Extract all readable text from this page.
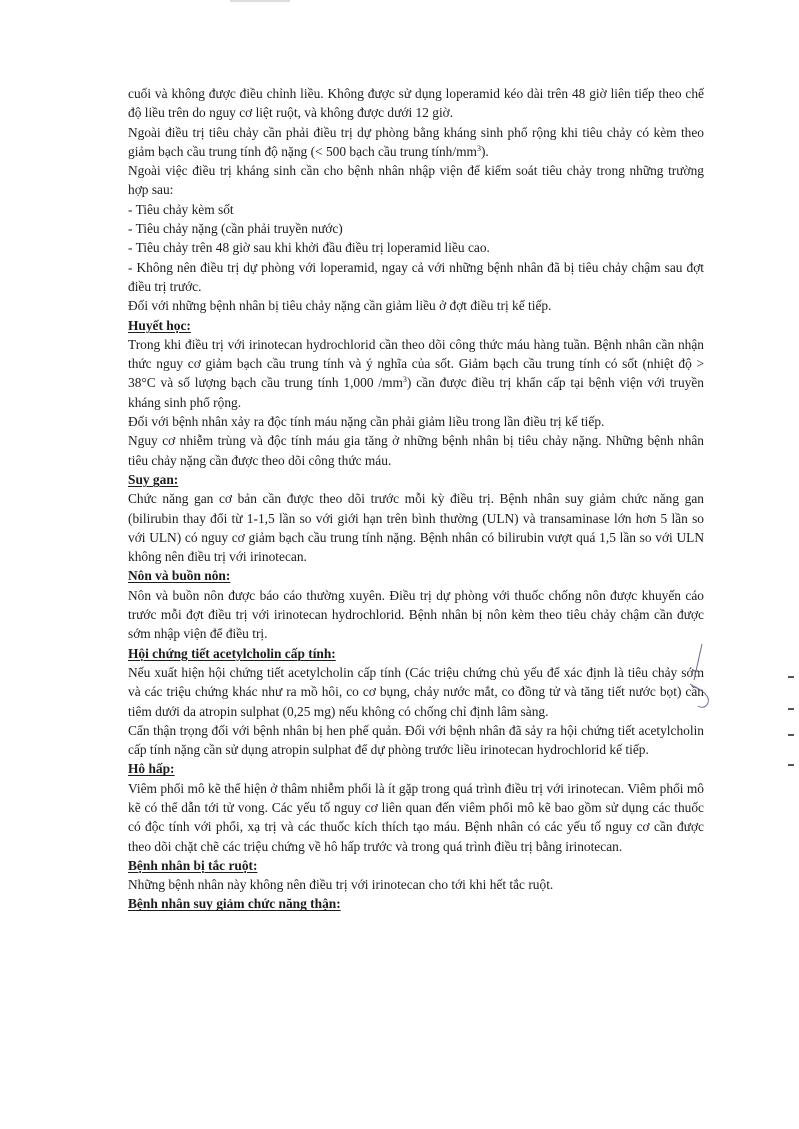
cuối và không được điều chỉnh liều. Không được sử dụng loperamid kéo dài trên 48 giờ liên tiếp theo chế độ liều trên do nguy cơ liệt ruột, và không được dưới 12 giờ.

Ngoài điều trị tiêu chảy cần phải điều trị dự phòng bằng kháng sinh phổ rộng khi tiêu chảy có kèm theo giảm bạch cầu trung tính độ nặng (< 500 bạch cầu trung tính/$mm^3$).

Ngoài việc điều trị kháng sinh cần cho bệnh nhân nhập viện để kiểm soát tiêu chảy trong những trường hợp sau:

- Tiêu chảy kèm sốt

- Tiêu chảy nặng (cần phải truyền nước)

- Tiêu chảy trên 48 giờ sau khi khởi đầu điều trị loperamid liều cao.

- Không nên điều trị dự phòng với loperamid, ngay cả với những bệnh nhân đã bị tiêu chảy chậm sau đợt điều trị trước.

Đối với những bệnh nhân bị tiêu chảy nặng cần giảm liều ở đợt điều trị kế tiếp.

Huyết học:

Trong khi điều trị với irinotecan hydrochlorid cần theo dõi công thức máu hàng tuần. Bệnh nhân cần nhận thức nguy cơ giảm bạch cầu trung tính và ý nghĩa của sốt. Giảm bạch cầu trung tính có sốt (nhiệt độ > 38°C và số lượng bạch cầu trung tính 1,000 $/mm^3$) cần được điều trị khẩn cấp tại bệnh viện với truyền kháng sinh phổ rộng.

Đối với bệnh nhân xảy ra độc tính máu nặng cần phải giảm liều trong lần điều trị kế tiếp.

Nguy cơ nhiễm trùng và độc tính máu gia tăng ở những bệnh nhân bị tiêu chảy nặng. Những bệnh nhân tiêu chảy nặng cần được theo dõi công thức máu.

Suy gan:

Chức năng gan cơ bản cần được theo dõi trước mỗi kỳ điều trị. Bệnh nhân suy giảm chức năng gan (bilirubin thay đổi từ 1-1,5 lần so với giới hạn trên bình thường (ULN) và transaminase lớn hơn 5 lần so với ULN) có nguy cơ giảm bạch cầu trung tính nặng. Bệnh nhân có bilirubin vượt quá 1,5 lần so với ULN không nên điều trị với irinotecan.

Nôn và buồn nôn:

Nôn và buồn nôn được báo cáo thường xuyên. Điều trị dự phòng với thuốc chống nôn được khuyến cáo trước mỗi đợt điều trị với irinotecan hydrochlorid. Bệnh nhân bị nôn kèm theo tiêu chảy chậm cần được sớm nhập viện để điều trị.

Hội chứng tiết acetylcholin cấp tính:

Nếu xuất hiện hội chứng tiết acetylcholin cấp tính (Các triệu chứng chủ yếu để xác định là tiêu chảy sớm và các triệu chứng khác như ra mồ hôi, co cơ bụng, chảy nước mắt, co đồng tử và tăng tiết nước bọt) cần tiêm dưới da atropin sulphat (0,25 mg) nếu không có chống chỉ định lâm sàng.

Cẩn thận trọng đối với bệnh nhân bị hen phế quản. Đối với bệnh nhân đã sảy ra hội chứng tiết acetylcholin cấp tính nặng cần sử dụng atropin sulphat để dự phòng trước liều irinotecan hydrochlorid kế tiếp.

Hô hấp:

Viêm phổi mô kẽ thể hiện ở thâm nhiễm phổi là ít gặp trong quá trình điều trị với irinotecan. Viêm phổi mô kẽ có thể dẫn tới tử vong. Các yếu tố nguy cơ liên quan đến viêm phổi mô kẽ bao gồm sử dụng các thuốc có độc tính với phổi, xạ trị và các thuốc kích thích tạo máu. Bệnh nhân có các yếu tố nguy cơ cần được theo dõi chặt chẽ các triệu chứng về hô hấp trước và trong quá trình điều trị bằng irinotecan.

Bệnh nhân bị tắc ruột:

Những bệnh nhân này không nên điều trị với irinotecan cho tới khi hết tắc ruột.

Bệnh nhân suy giảm chức năng thận:
